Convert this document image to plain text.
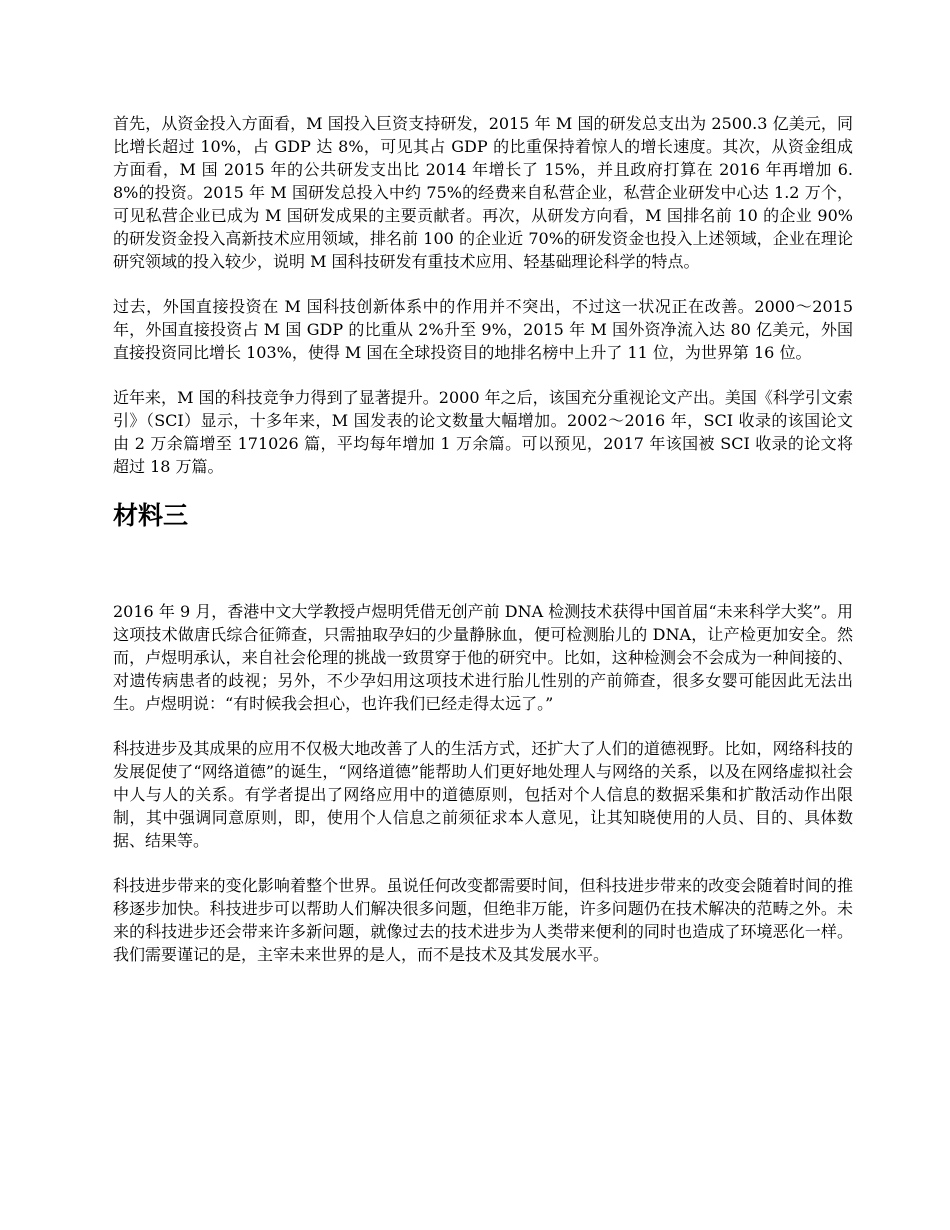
首先，从资金投入方面看，M 国投入巨资支持研发，2015 年 M 国的研发总支出为 2500.3 亿美元，同比增长超过 10%，占 GDP 达 8%，可见其占 GDP 的比重保持着惊人的增长速度。其次，从资金组成方面看，M 国 2015 年的公共研发支出比 2014 年增长了 15%，并且政府打算在 2016 年再增加 6.8%的投资。2015 年 M 国研发总投入中约 75%的经费来自私营企业，私营企业研发中心达 1.2 万个，可见私营企业已成为 M 国研发成果的主要贡献者。再次，从研发方向看，M 国排名前 10 的企业 90%的研发资金投入高新技术应用领域，排名前 100 的企业近 70%的研发资金也投入上述领域，企业在理论研究领域的投入较少，说明 M 国科技研发有重技术应用、轻基础理论科学的特点。

过去，外国直接投资在 M 国科技创新体系中的作用并不突出，不过这一状况正在改善。2000～2015 年，外国直接投资占 M 国 GDP 的比重从 2%升至 9%，2015 年 M 国外资净流入达 80 亿美元，外国直接投资同比增长 103%，使得 M 国在全球投资目的地排名榜中上升了 11 位，为世界第 16 位。

近年来，M 国的科技竞争力得到了显著提升。2000 年之后，该国充分重视论文产出。美国《科学引文索引》（SCI）显示，十多年来，M 国发表的论文数量大幅增加。2002～2016 年，SCI 收录的该国论文由 2 万余篇增至 171026 篇，平均每年增加 1 万余篇。可以预见，2017 年该国被 SCI 收录的论文将超过 18 万篇。

材料三

2016 年 9 月，香港中文大学教授卢煜明凭借无创产前 DNA 检测技术获得中国首届“未来科学大奖”。用这项技术做唐氏综合征筛查，只需抽取孕妇的少量静脉血，便可检测胎儿的 DNA，让产检更加安全。然而，卢煜明承认，来自社会伦理的挑战一致贯穿于他的研究中。比如，这种检测会不会成为一种间接的、对遗传病患者的歧视；另外，不少孕妇用这项技术进行胎儿性别的产前筛查，很多女婴可能因此无法出生。卢煜明说：“有时候我会担心，也许我们已经走得太远了。”

科技进步及其成果的应用不仅极大地改善了人的生活方式，还扩大了人们的道德视野。比如，网络科技的发展促使了“网络道德”的诞生，“网络道德”能帮助人们更好地处理人与网络的关系，以及在网络虚拟社会中人与人的关系。有学者提出了网络应用中的道德原则，包括对个人信息的数据采集和扩散活动作出限制，其中强调同意原则，即，使用个人信息之前须征求本人意见，让其知晓使用的人员、目的、具体数据、结果等。

科技进步带来的变化影响着整个世界。虽说任何改变都需要时间，但科技进步带来的改变会随着时间的推移逐步加快。科技进步可以帮助人们解决很多问题，但绝非万能，许多问题仍在技术解决的范畴之外。未来的科技进步还会带来许多新问题，就像过去的技术进步为人类带来便利的同时也造成了环境恶化一样。我们需要谨记的是，主宰未来世界的是人，而不是技术及其发展水平。
